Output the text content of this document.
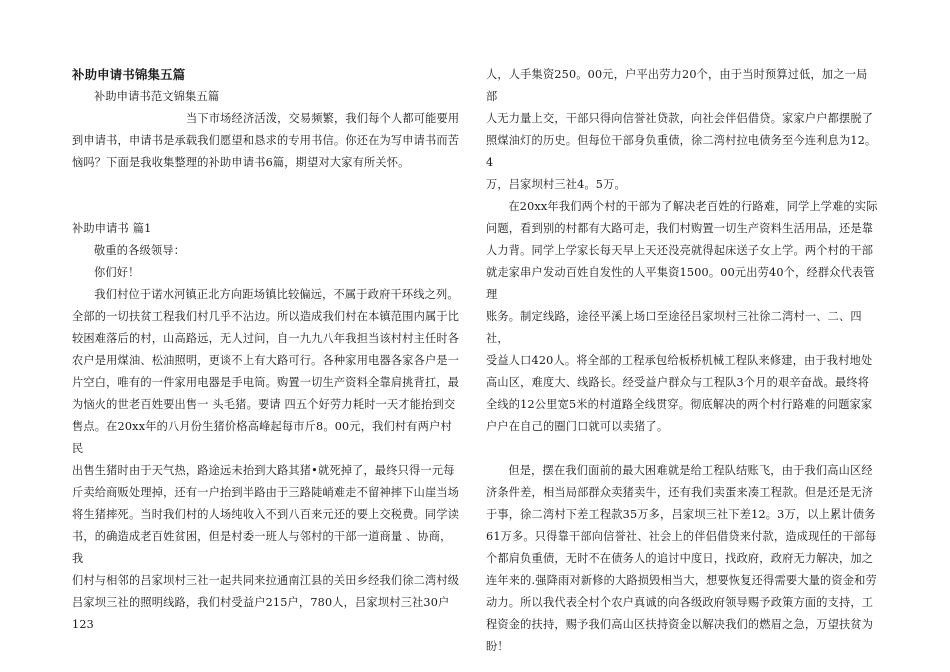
补助申请书锦集五篇

补助申请书范文锦集五篇

当下市场经济活泼，交易频繁，我们每个人都可能要用

到申请书，申请书是承载我们愿望和恳求的专用书信。你还在为写申请书而苦

恼吗？下面是我收集整理的补助申请书6篇，期望对大家有所关怀。

补助申请书 篇1

敬重的各级领导：

你们好！

我们村位于诺水河镇正北方向距场镇比较偏远，不属于政府干环线之列。

全部的一切扶贫工程我们村几乎不沾边。所以造成我们村在本镇范围内属于比

较困难落后的村，山高路远，无人过问，自一九九八年我担当该村村主任时各

农户是用煤油、松油照明，更谈不上有大路可行。各种家用电器各家各户是一

片空白，唯有的一件家用电器是手电筒。购置一切生产资料全靠肩挑背扛，最

为恼火的世老百姓要出售一 头毛猪。要请 四五个好劳力耗时一天才能抬到交

售点。在20xx年的八月份生猪价格高峰起每市斤8。00元，我们村有两户村民

出售生猪时由于天气热，路途远未抬到大路其猪•就死掉了，最终只得一元每

斤卖给商贩处理掉，还有一户抬到半路由于三路陡峭难走不留神摔下山崖当场

将生猪摔死。当时我们村的人场纯收入不到八百来元还的要上交税费。同学读

书，的确造成老百姓贫困，但是村委一班人与邻村的干部一道商量 、协商，我

们村与相邻的吕家坝村三社一起共同来拉通南江县的关田乡经我们徐二湾村级

吕家坝三社的照明线路，我们村受益户215户，780人，吕家坝村三社30户123

人，人手集资250。00元，户平出劳力20个，由于当时预算过低，加之一局部

人无力量上交，干部只得向信誉社贷款，向社会伴侣借贷。家家户户都摆脱了

照煤油灯的历史。但每位干部身负重债，徐二湾村拉电债务至今连利息为12。4

万，吕家坝村三社4。5万。

在20xx年我们两个村的干部为了解决老百姓的行路难，同学上学难的实际

问题，看到别的村都有大路可走，我们村购置一切生产资料生活用品，还是靠

人力背。同学上学家长每天早上天还没亮就得起床送子女上学。两个村的干部

就走家串户发动百姓自发性的人平集资1500。00元出劳40个，经群众代表管理

账务。制定线路，途径平溪上场口至途径吕家坝村三社徐二湾村一、二、四社，

受益人口420人。将全部的工程承包给板桥机械工程队来修建，由于我村地处

高山区，难度大、线路长。经受益户群众与工程队3个月的艰辛奋战。最终将

全线的12公里宽5米的村道路全线贯穿。彻底解决的两个村行路难的问题家家

户户在自己的圈门口就可以卖猪了。

但是，摆在我们面前的最大困难就是给工程队结账飞，由于我们高山区经

济条件差，相当局部群众卖猪卖牛，还有我们卖蛋来凑工程款。但是还是无济

于事，徐二湾村下差工程款35万多，吕家坝三社下差12。3万，以上累计债务

61万多。只得靠干部向信誉社、社会上的伴侣借贷来付款，造成现任的干部每

个都肩负重债，无时不在债务人的追讨中度日，找政府，政府无力解决，加之

连年来的.强降雨对新修的大路损毁相当大，想要恢复还得需要大量的资金和劳

动力。所以我代表全村个农户真诚的向各级政府领导赐予政策方面的支持，工

程资金的扶持，赐予我们高山区扶持资金以解决我们的燃眉之急，万望扶贫为

盼！
